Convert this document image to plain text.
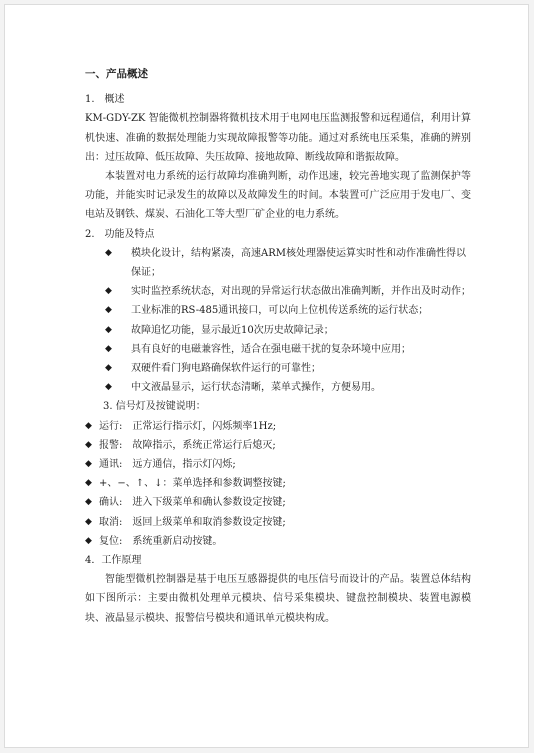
一、产品概述
1.　概述

KM-GDY-ZK 智能微机控制器将微机技术用于电网电压监测报警和远程通信，利用计算机快速、准确的数据处理能力实现故障报警等功能。通过对系统电压采集，准确的辨别出：过压故障、低压故障、失压故障、接地故障、断线故障和谐振故障。

本装置对电力系统的运行故障均准确判断，动作迅速，较完善地实现了监测保护等功能，并能实时记录发生的故障以及故障发生的时间。本装置可广泛应用于发电厂、变电站及钢铁、煤炭、石油化工等大型厂矿企业的电力系统。

2.　功能及特点
◆ 模块化设计，结构紧凑，高速ARM核处理器使运算实时性和动作准确性得以保证；
◆ 实时监控系统状态，对出现的异常运行状态做出准确判断，并作出及时动作；
◆ 工业标准的RS-485通讯接口，可以向上位机传送系统的运行状态；
◆ 故障追忆功能，显示最近10次历史故障记录；
◆ 具有良好的电磁兼容性，适合在强电磁干扰的复杂环境中应用；
◆ 双硬件看门狗电路确保软件运行的可靠性；
◆ 中文液晶显示，运行状态清晰，菜单式操作，方便易用。
3. 信号灯及按键说明：
◆ 运行:　正常运行指示灯，闪烁频率1Hz;
◆ 报警:　故障指示，系统正常运行后熄灭;
◆ 通讯:　远方通信，指示灯闪烁;
◆ +、−、↑、↓：菜单选择和参数调整按键;
◆ 确认:　进入下级菜单和确认参数设定按键;
◆ 取消:　返回上级菜单和取消参数设定按键;
◆ 复位:　系统重新启动按键。
4．工作原理

智能型微机控制器是基于电压互感器提供的电压信号而设计的产品。装置总体结构如下图所示：主要由微机处理单元模块、信号采集模块、键盘控制模块、装置电源模块、液晶显示模块、报警信号模块和通讯单元模块构成。
